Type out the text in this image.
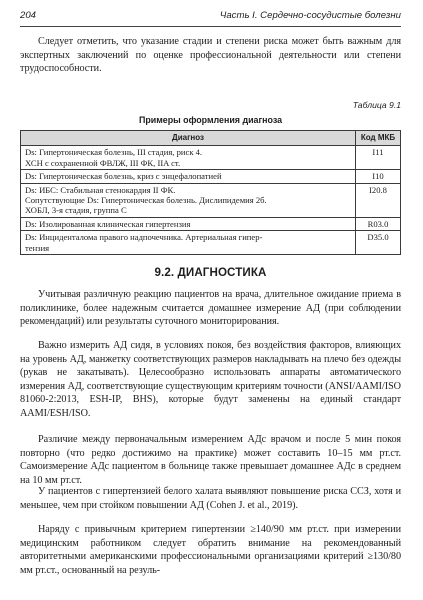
204	Часть I. Сердечно-сосудистые болезни

Следует отметить, что указание стадии и степени риска может быть важным для экспертных заключений по оценке профессиональной деятельности или степени трудоспособности.

Таблица 9.1
Примеры оформления диагноза
Диагноз	Код МКБ

Ds: Гипертоническая болезнь, III стадия, риск 4.
ХСН с сохраненной ФВЛЖ, III ФК, IIA ст.	I11

Ds: Гипертоническая болезнь, криз с энцефалопатией	I10

Ds: ИБС: Стабильная стенокардия II ФК.
Сопутствующие Ds: Гипертоническая болезнь. Дислипидемия 2б.
ХОБЛ, 3-я стадия, группа С	I20.8

Ds: Изолированная клиническая гипертензия	R03.0

Ds: Инциденталома правого надпочечника. Артериальная гипер-
тензия	D35.0
9.2. ДИАГНОСТИКА

Учитывая различную реакцию пациентов на врача, длительное ожидание приема в поликлинике, более надежным считается домашнее измерение АД (при соблюдении рекомендаций) или результаты суточного мониторирования.

Важно измерить АД сидя, в условиях покоя, без воздействия факторов, влияющих на уровень АД, манжетку соответствующих размеров накладывать на плечо без одежды (рукав не закатывать). Целесообразно использовать аппараты автоматического измерения АД, соответствующие существующим критериям точности (ANSI/AAMI/ISO 81060-2:2013, ESH-IP, BHS), которые будут заменены на единый стандарт AAMI/ESH/ISO.

Различие между первоначальным измерением АДс врачом и после 5 мин покоя повторно (что редко достижимо на практике) может составить 10–15 мм рт.ст. Самоизмерение АДс пациентом в больнице также превышает домашнее АДс в среднем на 10 мм рт.ст.

У пациентов с гипертензией белого халата выявляют повышение риска ССЗ, хотя и меньшее, чем при стойком повышении АД (Cohen J. et al., 2019).

Наряду с привычным критерием гипертензии ≥140/90 мм рт.ст. при измерении медицинским работником следует обратить внимание на рекомендованный авторитетными американскими профессиональными организациями критерий ≥130/80 мм рт.ст., основанный на резуль-
